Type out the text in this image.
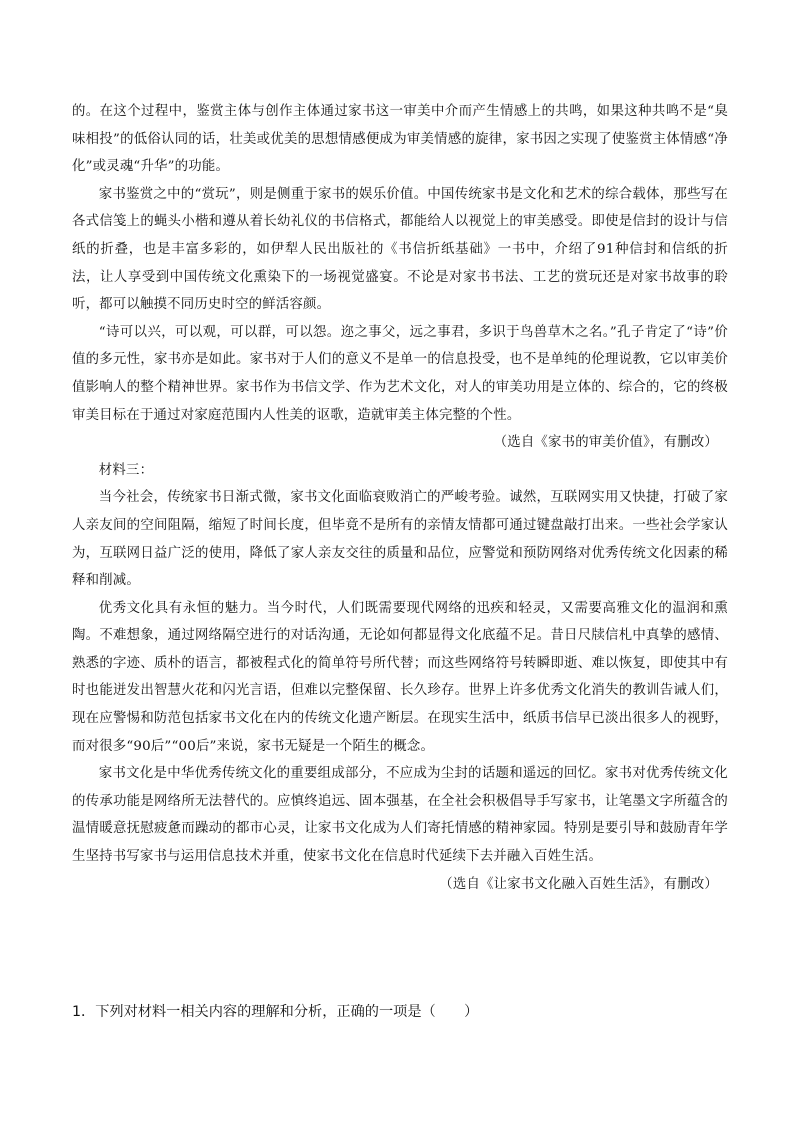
的。在这个过程中，鉴赏主体与创作主体通过家书这一审美中介而产生情感上的共鸣，如果这种共鸣不是“臭味相投”的低俗认同的话，壮美或优美的思想情感便成为审美情感的旋律，家书因之实现了使鉴赏主体情感“净化”或灵魂“升华”的功能。

家书鉴赏之中的“赏玩”，则是侧重于家书的娱乐价值。中国传统家书是文化和艺术的综合载体，那些写在各式信笺上的蝇头小楷和遵从着长幼礼仪的书信格式，都能给人以视觉上的审美感受。即使是信封的设计与信纸的折叠，也是丰富多彩的，如伊犁人民出版社的《书信折纸基础》一书中，介绍了91种信封和信纸的折法，让人享受到中国传统文化熏染下的一场视觉盛宴。不论是对家书书法、工艺的赏玩还是对家书故事的聆听，都可以触摸不同历史时空的鲜活容颜。

“诗可以兴，可以观，可以群，可以怨。迩之事父，远之事君，多识于鸟兽草木之名。”孔子肯定了“诗”价值的多元性，家书亦是如此。家书对于人们的意义不是单一的信息投受，也不是单纯的伦理说教，它以审美价值影响人的整个精神世界。家书作为书信文学、作为艺术文化，对人的审美功用是立体的、综合的，它的终极审美目标在于通过对家庭范围内人性美的讴歌，造就审美主体完整的个性。

（选自《家书的审美价值》，有删改）

材料三：

当今社会，传统家书日渐式微，家书文化面临衰败消亡的严峻考验。诚然，互联网实用又快捷，打破了家人亲友间的空间阻隔，缩短了时间长度，但毕竟不是所有的亲情友情都可通过键盘敲打出来。一些社会学家认为，互联网日益广泛的使用，降低了家人亲友交往的质量和品位，应警觉和预防网络对优秀传统文化因素的稀释和削减。

优秀文化具有永恒的魅力。当今时代，人们既需要现代网络的迅疾和轻灵，又需要高雅文化的温润和熏陶。不难想象，通过网络隔空进行的对话沟通，无论如何都显得文化底蕴不足。昔日尺牍信札中真挚的感情、熟悉的字迹、质朴的语言，都被程式化的简单符号所代替；而这些网络符号转瞬即逝、难以恢复，即使其中有时也能迸发出智慧火花和闪光言语，但难以完整保留、长久珍存。世界上许多优秀文化消失的教训告诫人们，现在应警惕和防范包括家书文化在内的传统文化遗产断层。在现实生活中，纸质书信早已淡出很多人的视野，而对很多“90后”“00后”来说，家书无疑是一个陌生的概念。

家书文化是中华优秀传统文化的重要组成部分，不应成为尘封的话题和遥远的回忆。家书对优秀传统文化的传承功能是网络所无法替代的。应慎终追远、固本强基，在全社会积极倡导手写家书，让笔墨文字所蕴含的温情暖意抚慰疲惫而躁动的都市心灵，让家书文化成为人们寄托情感的精神家园。特别是要引导和鼓励青年学生坚持书写家书与运用信息技术并重，使家书文化在信息时代延续下去并融入百姓生活。

（选自《让家书文化融入百姓生活》，有删改）

1．下列对材料一相关内容的理解和分析，正确的一项是（　　）
